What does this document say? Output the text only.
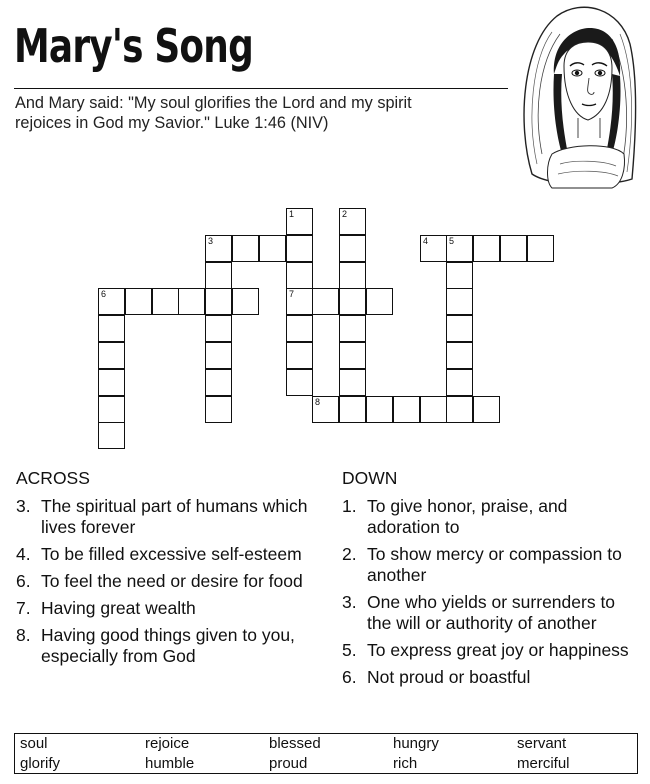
Mary's Song
And Mary said: "My soul glorifies the Lord and my spirit
rejoices in God my Savior." Luke 1:46 (NIV)
1
7
2
3	4 5
6
8
ACROSS
3. The spiritual part of humans which lives forever
4. To be filled excessive self-esteem
6. To feel the need or desire for food
7. Having great wealth
8. Having good things given to you, especially from God
DOWN
1. To give honor, praise, and adoration to
2. To show mercy or compassion to another
3. One who yields or surrenders to the will or authority of another
5. To express great joy or happiness
6. Not proud or boastful
soul	rejoice	blessed	hungry	servant
glorify	humble	proud	rich	merciful
